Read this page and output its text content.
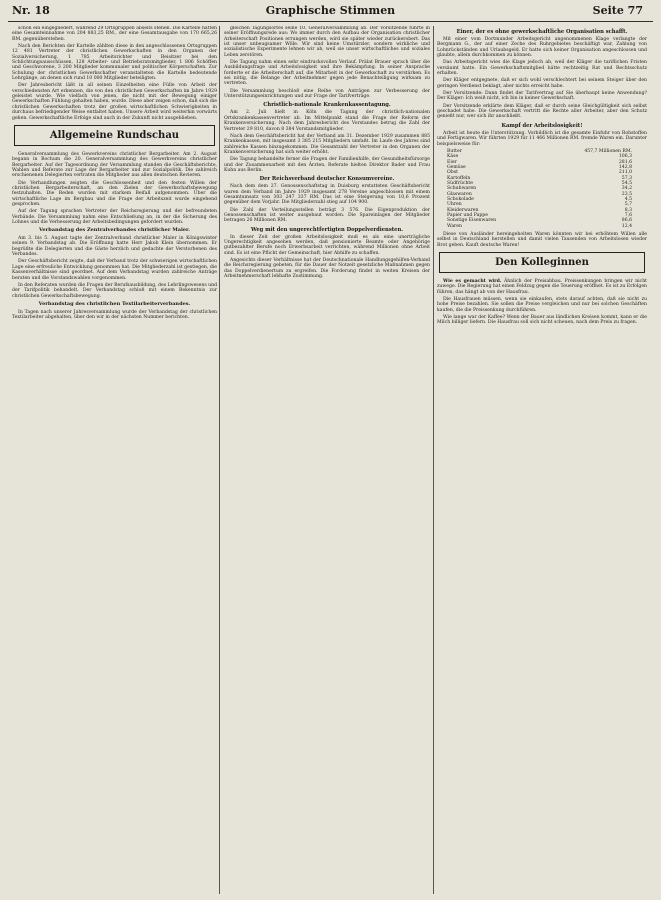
Nr. 18	Graphische Stimmen	Seite 77

schon ein eingegliedert, während 29 Ortsgruppen abseits stehen. Die Kartelle hatten eine Gesamteinnahme von 204 883,25 RM., der eine Gesamtausgabe von 170 665,26 RM. gegenüberstehen.

Nach den Berichten der Kartelle zählten diese in den angeschlossenen Ortsgruppen 12 481 Vertreter der christlichen Gewerkschaften in den Organen der Sozialversicherung, 1 785 Arbeitsrichter und Beisitzer bei den Schlichtungsausschüssen, 128 Arbeiter- und Betriebsratsmitglieder, 1 806 Schöffen und Geschworene, 3 200 Mitglieder kommunaler und politischer Körperschaften. Zur Schulung der christlichen Gewerkschafter veranstalteten die Kartelle bedeutende Lehrgänge, an denen sich rund 10 000 Mitglieder beteiligten.

Der Jahresbericht läßt in all seinen Einzelheiten eine Fülle von Arbeit der verschiedensten Art erkennen, die von den christlichen Gewerkschaften im Jahre 1929 geleistet wurde. Wie vielfach von jenen, die nicht mit der Bewegung einiger Gewerkschaften Fühlung gehalten haben, wurde. Diese aber zeigen schon, daß sich die christlichen Gewerkschaften trotz der großen wirtschaftlichen Schwierigkeiten in durchaus befriedigender Weise entfaltet haben. Unsere Arbeit wird weiterhin vorwärts gehen. Gewerkschaftliche Erfolge sind auch in der Zukunft nicht ausgeblieben.

Allgemeine Rundschau

Generalversammlung des Gewerkvereins christlicher Bergarbeiter. Am 2. August begann in Bochum die 20. Generalversammlung des Gewerkvereins christlicher Bergarbeiter. Auf der Tagesordnung der Versammlung standen die Geschäftsberichte, Wahlen und Referate zur Lage der Bergarbeiter und zur Sozialpolitik. Die zahlreich erschienenen Delegierten vertraten die Mitglieder aus allen deutschen Revieren.

Die Verhandlungen zeigten die Geschlossenheit und den festen Willen der christlichen Bergarbeiterschaft, an den Zielen der Gewerkschaftsbewegung festzuhalten. Die Reden wurden mit starkem Beifall aufgenommen. Über die wirtschaftliche Lage im Bergbau und die Frage der Arbeitszeit wurde eingehend gesprochen.

Auf der Tagung sprachen Vertreter der Reichsregierung und der befreundeten Verbände. Die Versammlung nahm eine Entschließung an, in der die Sicherung des Lohnes und die Verbesserung der Arbeitsbedingungen gefordert wurden.

Verbandstag des Zentralverbandes christlicher Maler.

Am 3. bis 5. August tagte der Zentralverband christlicher Maler in Königswinter seinen 9. Verbandstag ab. Die Eröffnung hatte Herr Jakob Klein übernommen. Er begrüßte die Delegierten und die Gäste herzlich und gedachte der Verstorbenen des Verbandes.

Der Geschäftsbericht zeigte, daß der Verband trotz der schwierigen wirtschaftlichen Lage eine erfreuliche Entwicklung genommen hat. Die Mitgliederzahl ist gestiegen, die Kassenverhältnisse sind geordnet. Auf dem Verbandstag wurden zahlreiche Anträge beraten und die Vorstandswahlen vorgenommen.

In den Referaten wurden die Fragen der Berufsausbildung, des Lehrlingswesens und der Tarifpolitik behandelt. Der Verbandstag schloß mit einem Bekenntnis zur christlichen Gewerkschaftsbewegung.

Verbandstag des christlichen Textilarbeiterverbandes.

In Tagen nach unserer Jahresversammlung wurde der Verbandstag der christlichen Textilarbeiter abgehalten, über den wir in der nächsten Nummer berichten.

gleichen Tagungsortes seine 10. Generalversammlung ab. Der Vorsitzende führte in seiner Eröffnungsrede aus: Wo immer durch den Aufbau der Organisation christlicher Arbeiterschaft Positionen errungen werden, wird sie später wieder zurückerobert. Das ist unser unbeugsamer Wille. Wir sind keine Umstürzler, sondern wirkliche und sozialistische Experimente lehnen wir ab, weil sie unser wirtschaftliches und soziales Leben zerstören.

Die Tagung nahm einen sehr eindrucksvollen Verlauf. Prälat Brauer sprach über die Ausbildungsfrage und Arbeitslosigkeit und ihre Bekämpfung. In seiner Ansprache forderte er die Arbeiterschaft auf, die Mitarbeit in der Gewerkschaft zu verstärken. Es sei nötig, die Belange der Arbeitnehmer gegen jede Benachteiligung wirksam zu vertreten.

Die Versammlung beschloß eine Reihe von Anträgen zur Verbesserung der Unterstützungseinrichtungen und zur Frage der Tarifverträge.

Christlich-nationale Krankenkassentagung.

Am 2. Juli hielt in Köln die Tagung der christlich-nationalen Ortskrankenkassenvertreter ab. Im Mittelpunkt stand die Frage der Reform der Krankenversicherung. Nach dem Jahresbericht des Vorstandes betrug die Zahl der Vertreter 29 810, davon 8 384 Vorstandsmitglieder.

Nach dem Geschäftsbericht hat der Verband am 31. Dezember 1929 zusammen 885 Krankenkassen, mit insgesamt 3 385 215 Mitgliedern umfaßt. Im Laufe des Jahres sind zahlreiche Kassen hinzugekommen. Die Gesamtzahl der Vertreter in den Organen der Krankenversicherung hat sich weiter erhöht.

Die Tagung behandelte ferner die Fragen der Familienhilfe, der Gesundheitsfürsorge und der Zusammenarbeit mit den Ärzten. Referate hielten Direktor Bader und Frau Kuhn aus Berlin.

Der Reichsverband deutscher Konsumvereine.

Nach dem dem 27. Genossenschaftstag in Duisburg erstatteten Geschäftsbericht waren dem Verband im Jahre 1929 insgesamt 278 Vereine angeschlossen mit einem Gesamtumsatz von 303 247 337 RM. Das ist eine Steigerung von 10,6 Prozent gegenüber dem Vorjahr. Die Mitgliederzahl stieg auf 104 900.

Die Zahl der Verteilungsstellen beträgt 3 576. Die Eigenproduktion der Genossenschaften ist weiter ausgebaut worden. Die Spareinlagen der Mitglieder betragen 26 Millionen RM.

Weg mit den ungerechtfertigten Doppelverdiensten.

In dieser Zeit der großen Arbeitslosigkeit muß es als eine unerträgliche Ungerechtigkeit angesehen werden, daß pensionierte Beamte oder Angehörige gutbezahlter Berufe noch Erwerbsarbeit verrichten, während Millionen ohne Arbeit sind. Es ist eine Pflicht der Gemeinschaft, hier Abhilfe zu schaffen.

Angesichts dieser Verhältnisse hat der Deutschnationale Handlungsgehilfen-Verband die Reichsregierung gebeten, für die Dauer der Notzeit gesetzliche Maßnahmen gegen das Doppelverdienertum zu ergreifen. Die Forderung findet in weiten Kreisen der Arbeitnehmerschaft lebhafte Zustimmung.

Einer, der es ohne gewerkschaftliche Organisation schafft.

Mit einer vom Dortmunder Arbeitsgericht angenommenen Klage verlangte der Bergmann G., der auf einer Zeche des Ruhrgebietes beschäftigt war, Zahlung von Lohnrückständen und Urlaubsgeld. Er hatte sich keiner Organisation angeschlossen und glaubte, allein durchkommen zu können.

Das Arbeitsgericht wies die Klage jedoch ab, weil der Kläger die tariflichen Fristen versäumt hatte. Ein Gewerkschaftsmitglied hätte rechtzeitig Rat und Rechtsschutz erhalten.

Der Kläger entgegnete, daß er sich wohl verschlechtert bei seinem Steiger über den geringen Verdienst beklagt, aber nichts erreicht habe.

Der Vorsitzende: Dann findet der Tarifvertrag auf Sie überhaupt keine Anwendung? Der Kläger: Ich weiß nicht, ich bin in keiner Gewerkschaft.

Der Vorsitzende erklärte dem Kläger, daß er durch seine Gleichgültigkeit sich selbst geschadet habe. Die Gewerkschaft vertritt die Rechte aller Arbeiter, aber den Schutz genießt nur, wer sich ihr anschließt.

Kampf der Arbeitslosigkeit!

Arbeit ist heute die Unterstützung. Vorbildlich ist die gesamte Einfuhr von Rohstoffen und Fertigwaren. Wir führten 1929 für 11 466 Millionen RM. fremde Waren ein. Darunter beispielsweise für:

Butter	457,7 Millionen RM.
Käse	106,3
Eier	281,6
Gemüse	142,8
Obst	211,0
Kartoffeln	57,3
Südfrüchte	54,5
Schuhwaren	34,2
Glaswaren	23,5
Schokolade	4,5
Uhren	5,7
Kleiderwaren	8,3
Papier und Pappe	7,6
Sonstige Eisenwaren	86,6
Waren	12,4

Diese von Ausländer hereingeholten Waren könnten wir bei erhöhtem Willen alle selbst in Deutschland herstellen und damit vielen Tausenden von Arbeitslosen wieder Brot geben. Kauft deutsche Waren!

Den Kolleginnen

Wie es gemacht wird. Ähnlich der Preisabbau. Preissenkungen bringen wir nicht zuwege. Die Regierung hat einen Feldzug gegen die Teuerung eröffnet. Es ist zu Erfolgen führen, das hängt ab von der Hausfrau.

Die Hausfrauen müssen, wenn sie einkaufen, stets darauf achten, daß sie nicht zu hohe Preise bezahlen. Sie sollen die Preise vergleichen und nur bei solchen Geschäften kaufen, die die Preissenkung durchführen.

Wie lange war der Kaffee? Wenn der Bauer aus ländlichen Kreisen kommt, kann er die Milch billiger liefern. Die Hausfrau soll sich nicht scheuen, nach dem Preis zu fragen.
